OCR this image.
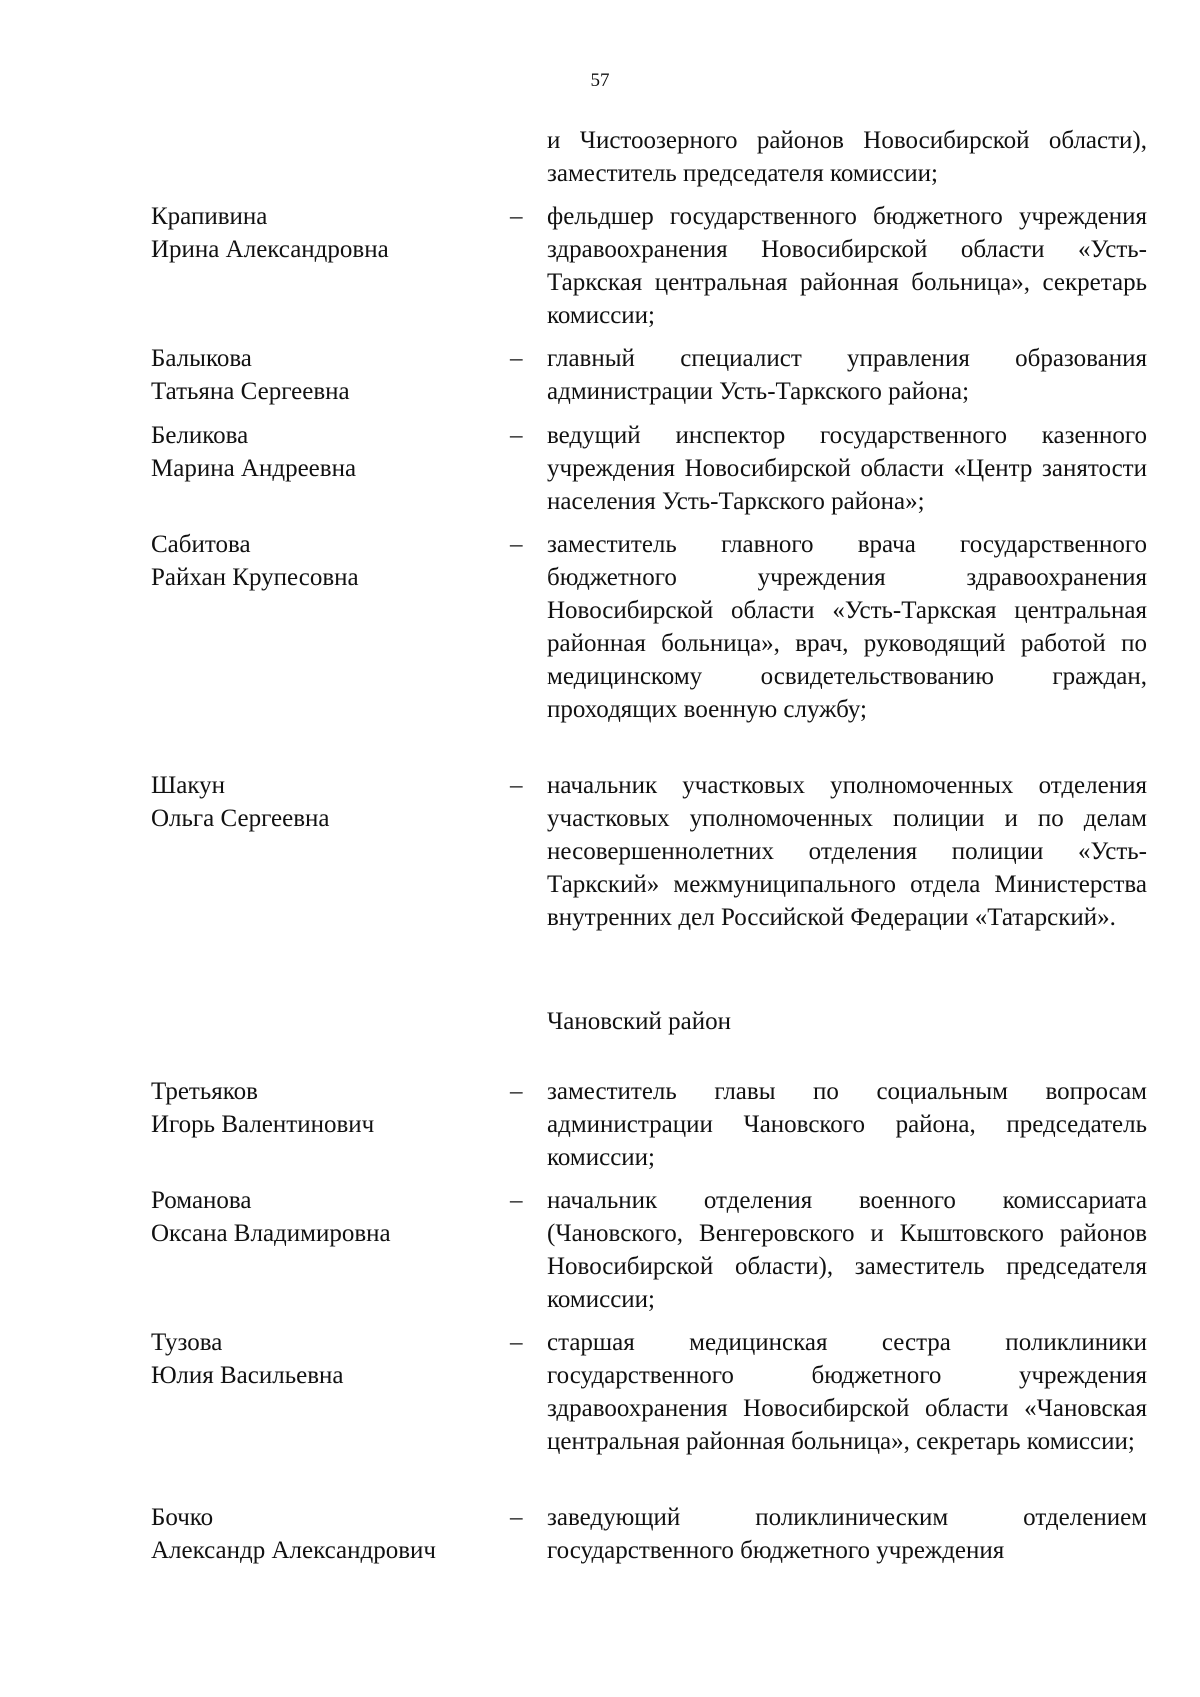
57
и Чистоозерного районов Новосибирской области), заместитель председателя комиссии;
Крапивина
Ирина Александровна
– фельдшер государственного бюджетного учреждения здравоохранения Новосибирской области «Усть-Таркская центральная районная больница», секретарь комиссии;
Балыкова
Татьяна Сергеевна
– главный специалист управления образования администрации Усть-Таркского района;
Беликова
Марина Андреевна
– ведущий инспектор государственного казенного учреждения Новосибирской области «Центр занятости населения Усть-Таркского района»;
Сабитова
Райхан Крупесовна
– заместитель главного врача государственного бюджетного учреждения здравоохранения Новосибирской области «Усть-Таркская центральная районная больница», врач, руководящий работой по медицинскому освидетельствованию граждан, проходящих военную службу;
Шакун
Ольга Сергеевна
– начальник участковых уполномоченных отделения участковых уполномоченных полиции и по делам несовершеннолетних отделения полиции «Усть-Таркский» межмуниципального отдела Министерства внутренних дел Российской Федерации «Татарский».
Чановский район
Третьяков
Игорь Валентинович
– заместитель главы по социальным вопросам администрации Чановского района, председатель комиссии;
Романова
Оксана Владимировна
– начальник отделения военного комиссариата (Чановского, Венгеровского и Кыштовского районов Новосибирской области), заместитель председателя комиссии;
Тузова
Юлия Васильевна
– старшая медицинская сестра поликлиники государственного бюджетного учреждения здравоохранения Новосибирской области «Чановская центральная районная больница», секретарь комиссии;
Бочко
Александр Александрович
– заведующий поликлиническим отделением государственного бюджетного учреждения
